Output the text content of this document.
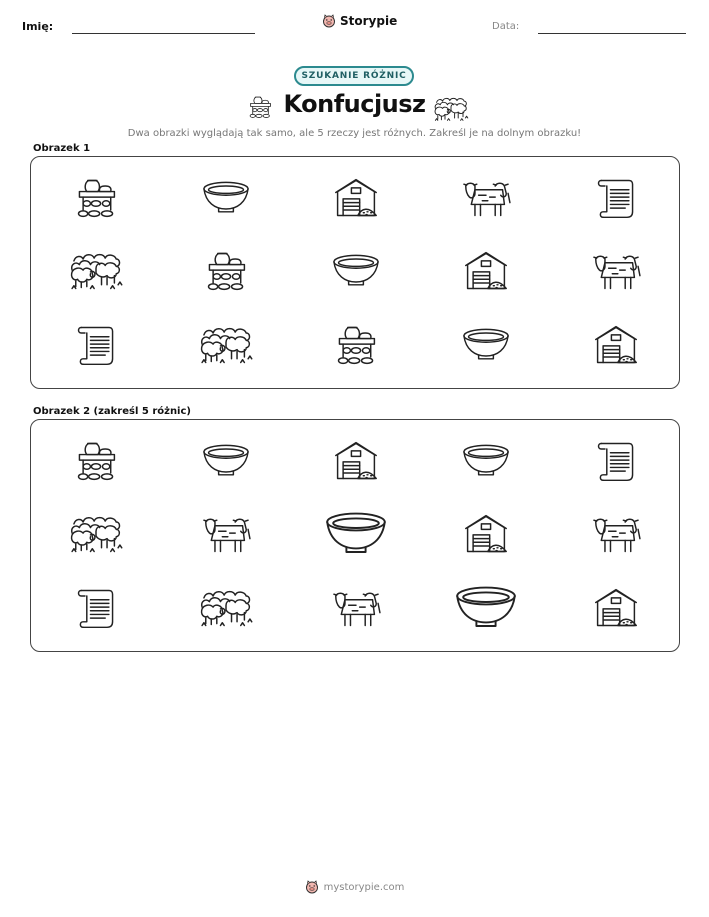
Imię:	Storypie	Data:
SZUKANIE RÓŻNIC
Konfucjusz
Dwa obrazki wyglądają tak samo, ale 5 rzeczy jest różnych. Zakreśl je na dolnym obrazku!
Obrazek 1
Obrazek 2 (zakreśl 5 różnic)
mystorypie.com
